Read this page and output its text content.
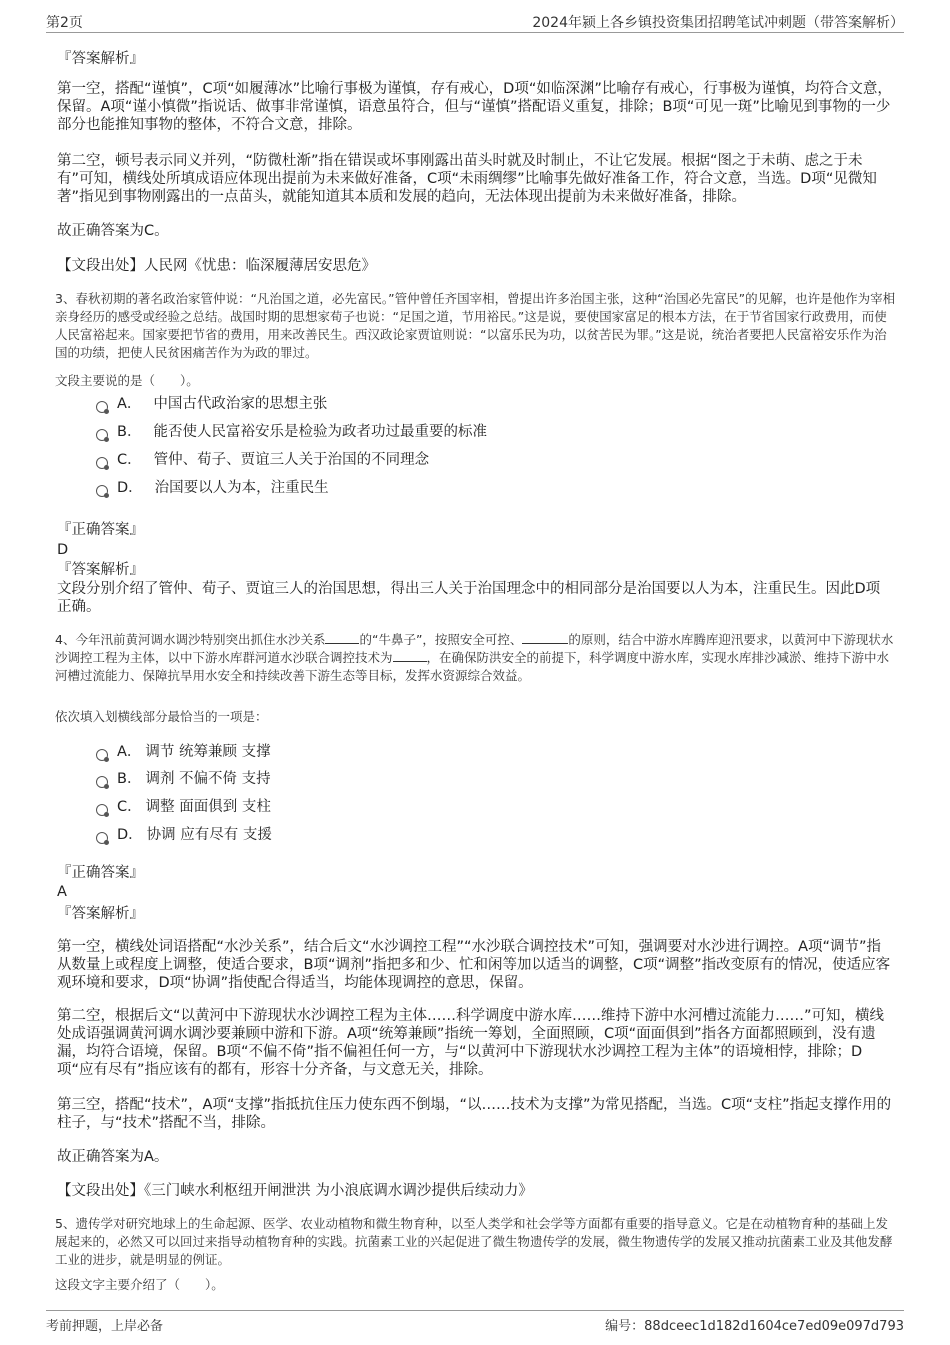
第2页	2024年颍上各乡镇投资集团招聘笔试冲刺题（带答案解析）
『答案解析』
第一空，搭配“谨慎”，C项“如履薄冰”比喻行事极为谨慎，存有戒心，D项“如临深渊”比喻存有戒心，行事极为谨慎，均符合文意，保留。A项“谨小慎微”指说话、做事非常谨慎，语意虽符合，但与“谨慎”搭配语义重复，排除；B项“可见一斑”比喻见到事物的一少部分也能推知事物的整体，不符合文意，排除。
第二空，顿号表示同义并列，“防微杜渐”指在错误或坏事刚露出苗头时就及时制止，不让它发展。根据“图之于未萌、虑之于未有”可知，横线处所填成语应体现出提前为未来做好准备，C项“未雨绸缪”比喻事先做好准备工作，符合文意，当选。D项“见微知著”指见到事物刚露出的一点苗头，就能知道其本质和发展的趋向，无法体现出提前为未来做好准备，排除。
故正确答案为C。
【文段出处】人民网《忧患：临深履薄居安思危》
3、春秋初期的著名政治家管仲说：“凡治国之道，必先富民。”管仲曾任齐国宰相，曾提出许多治国主张，这种“治国必先富民”的见解，也许是他作为宰相亲身经历的感受或经验之总结。战国时期的思想家荀子也说：“足国之道，节用裕民。”这是说，要使国家富足的根本方法，在于节省国家行政费用，而使人民富裕起来。国家要把节省的费用，用来改善民生。西汉政论家贾谊则说：“以富乐民为功，以贫苦民为罪。”这是说，统治者要把人民富裕安乐作为治国的功绩，把使人民贫困痛苦作为为政的罪过。
文段主要说的是（　　）。
A． 中国古代政治家的思想主张
B． 能否使人民富裕安乐是检验为政者功过最重要的标准
C． 管仲、荀子、贾谊三人关于治国的不同理念
D． 治国要以人为本，注重民生
『正确答案』
D
『答案解析』
文段分别介绍了管仲、荀子、贾谊三人的治国思想，得出三人关于治国理念中的相同部分是治国要以人为本，注重民生。因此D项正确。
4、今年汛前黄河调水调沙特别突出抓住水沙关系	的“牛鼻子”，按照安全可控、	的原则，结合中游水库腾库迎汛要求，以黄河中下游现状水沙调控工程为主体，以中下游水库群河道水沙联合调控技术为	，在确保防洪安全的前提下，科学调度中游水库，实现水库排沙减淤、维持下游中水河槽过流能力、保障抗旱用水安全和持续改善下游生态等目标，发挥水资源综合效益。
依次填入划横线部分最恰当的一项是：
A． 调节 统筹兼顾 支撑
B． 调剂 不偏不倚 支持
C． 调整 面面俱到 支柱
D． 协调 应有尽有 支援
『正确答案』
A
『答案解析』
第一空，横线处词语搭配“水沙关系”，结合后文“水沙调控工程”“水沙联合调控技术”可知，强调要对水沙进行调控。A项“调节”指从数量上或程度上调整，使适合要求，B项“调剂”指把多和少、忙和闲等加以适当的调整，C项“调整”指改变原有的情况，使适应客观环境和要求，D项“协调”指使配合得适当，均能体现调控的意思，保留。
第二空，根据后文“以黄河中下游现状水沙调控工程为主体……科学调度中游水库……维持下游中水河槽过流能力……”可知，横线处成语强调黄河调水调沙要兼顾中游和下游。A项“统筹兼顾”指统一筹划，全面照顾，C项“面面俱到”指各方面都照顾到，没有遗漏，均符合语境，保留。B项“不偏不倚”指不偏袒任何一方，与“以黄河中下游现状水沙调控工程为主体”的语境相悖，排除；D项“应有尽有”指应该有的都有，形容十分齐备，与文意无关，排除。
第三空，搭配“技术”，A项“支撑”指抵抗住压力使东西不倒塌，“以……技术为支撑”为常见搭配，当选。C项“支柱”指起支撑作用的柱子，与“技术”搭配不当，排除。
故正确答案为A。
【文段出处】《三门峡水利枢纽开闸泄洪 为小浪底调水调沙提供后续动力》
5、遗传学对研究地球上的生命起源、医学、农业动植物和微生物育种，以至人类学和社会学等方面都有重要的指导意义。它是在动植物育种的基础上发展起来的，必然又可以回过来指导动植物育种的实践。抗菌素工业的兴起促进了微生物遗传学的发展，微生物遗传学的发展又推动抗菌素工业及其他发酵工业的进步，就是明显的例证。
这段文字主要介绍了（　　）。
考前押题，上岸必备	编号：88dceec1d182d1604ce7ed09e097d793
